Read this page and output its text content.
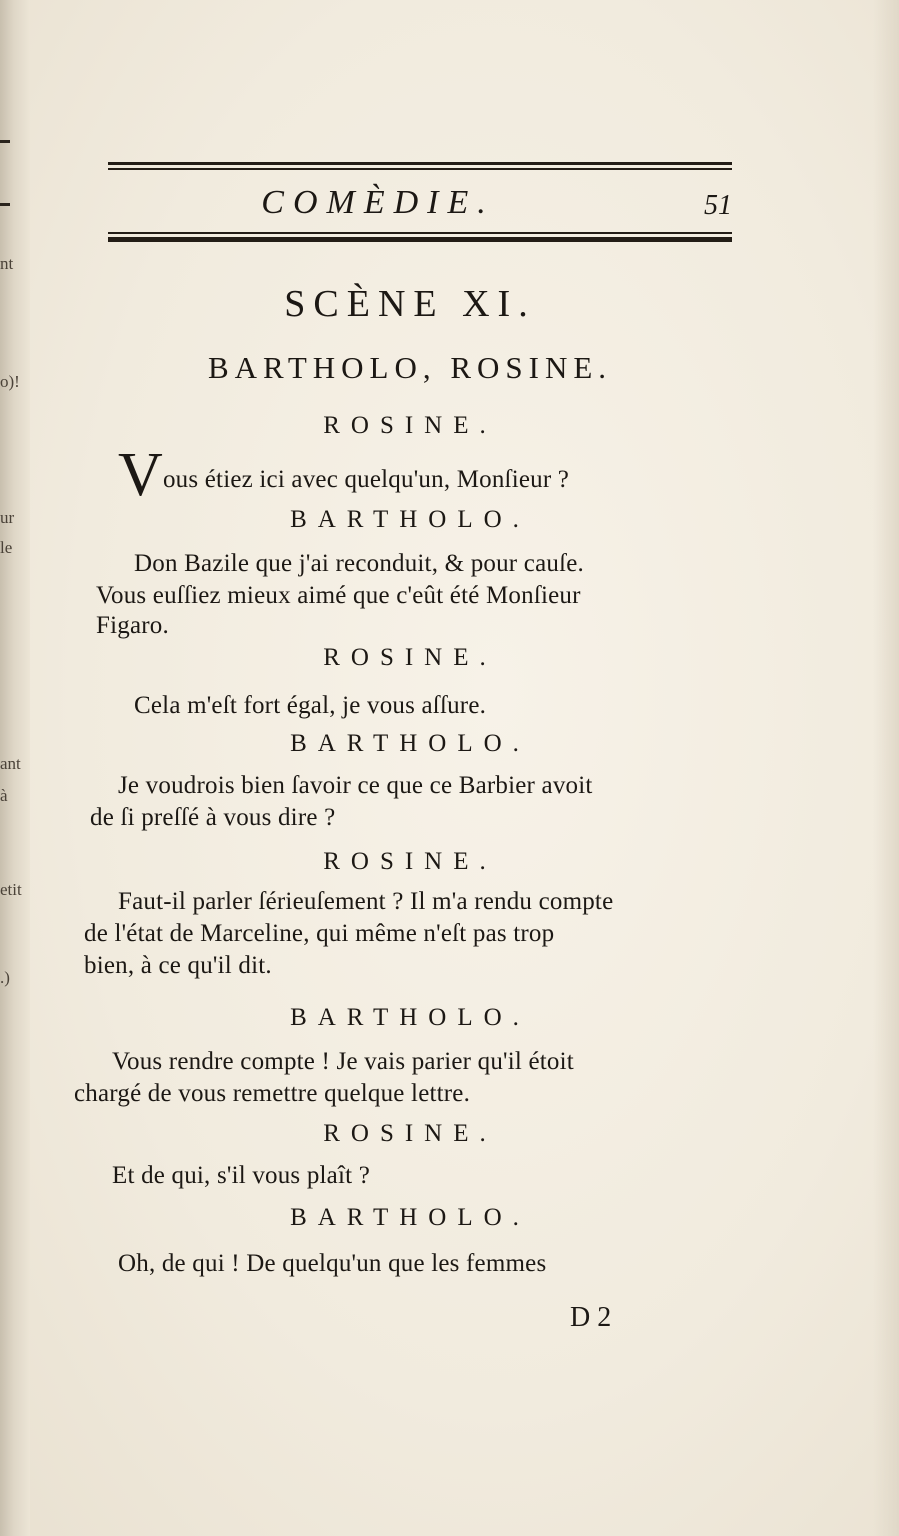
nt
o)!
ur
le
ant
à
etit
.)
COMÈDIE.	51
SCÈNE XI.
BARTHOLO, ROSINE.
ROSINE.
Vous étiez ici avec quelqu'un, Monſieur ?
BARTHOLO.
Don Bazile que j'ai reconduit, & pour cauſe.
Vous euſſiez mieux aimé que c'eût été Monſieur
Figaro.
ROSINE.
Cela m'eſt fort égal, je vous aſſure.
BARTHOLO.
Je voudrois bien ſavoir ce que ce Barbier avoit
de ſi preſſé à vous dire ?
ROSINE.
Faut-il parler ſérieuſement ? Il m'a rendu compte
de l'état de Marceline, qui même n'eſt pas trop
bien, à ce qu'il dit.
BARTHOLO.
Vous rendre compte ! Je vais parier qu'il étoit
chargé de vous remettre quelque lettre.
ROSINE.
Et de qui, s'il vous plaît ?
BARTHOLO.
Oh, de qui ! De quelqu'un que les femmes
D 2
